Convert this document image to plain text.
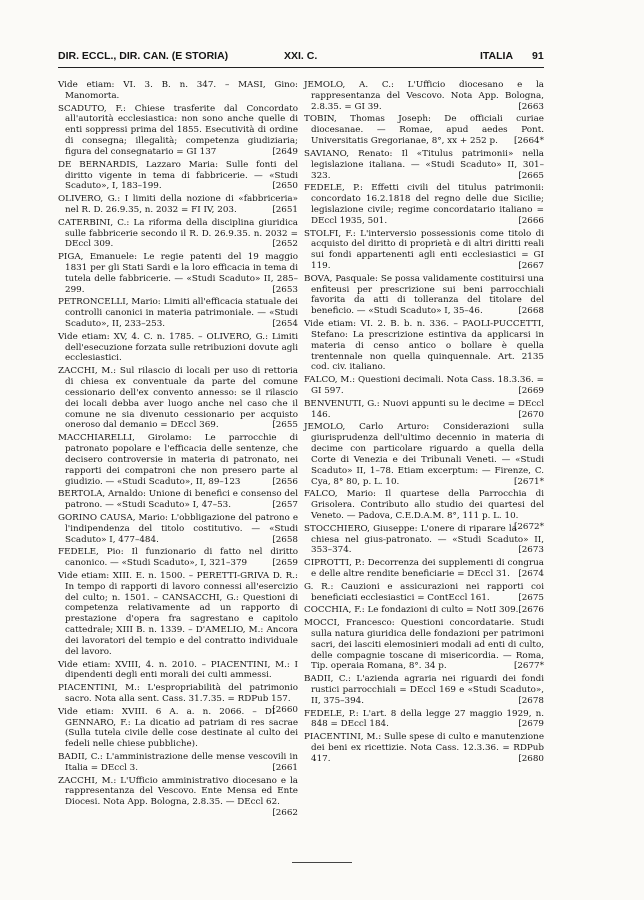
DIR. ECCL., DIR. CAN. (E STORIA)	XXI. C.	ITALIA 91

Vide etiam: VI. 3. B. n. 347. – MASI, Gino: Manomorta.

SCADUTO, F.: Chiese trasferite dal Concordato all'autorità ecclesiastica: non sono anche quelle di enti soppressi prima del 1855. Esecutività di ordine di consegna; illegalità; competenza giudiziaria; figura del consegnatario = GI 137	[2649

DE BERNARDIS, Lazzaro Maria: Sulle fonti del diritto vigente in tema di fabbricerie. — «Studi Scaduto», I, 183–199.	[2650

OLIVERO, G.: I limiti della nozione di «fabbriceria» nel R. D. 26.9.35, n. 2032 = FI IV, 203.	[2651

CATERBINI, C.: La riforma della disciplina giuridica sulle fabbricerie secondo il R. D. 26.9.35. n. 2032 = DEccl 309.	[2652

PIGA, Emanuele: Le regie patenti del 19 maggio 1831 per gli Stati Sardi e la loro efficacia in tema di tutela delle fabbricerie. — «Studi Scaduto» II, 285–299.	[2653

PETRONCELLI, Mario: Limiti all'efficacia statuale dei controlli canonici in materia patrimoniale. — «Studi Scaduto», II, 233–253.	[2654

Vide etiam: XV, 4. C. n. 1785. – OLIVERO, G.: Limiti dell'esecuzione forzata sulle retribuzioni dovute agli ecclesiastici.

ZACCHI, M.: Sul rilascio di locali per uso di rettoria di chiesa ex conventuale da parte del comune cessionario dell'ex convento annesso: se il rilascio dei locali debba aver luogo anche nel caso che il comune ne sia divenuto cessionario per acquisto oneroso dal demanio = DEccl 369.	[2655

MACCHIARELLI, Girolamo: Le parrocchie di patronato popolare e l'efficacia delle sentenze, che decisero controversie in materia di patronato, nei rapporti dei compatroni che non presero parte al giudizio. — «Studi Scaduto», II, 89–123	[2656

BERTOLA, Arnaldo: Unione di benefici e consenso del patrono. — «Studi Scaduto» I, 47–53.	[2657

GORINO CAUSA, Mario: L'obbligazione del patrono e l'indipendenza del titolo costitutivo. — «Studi Scaduto» I, 477–484.	[2658

FEDELE, Pio: Il funzionario di fatto nel diritto canonico. — «Studi Scaduto», I, 321–379	[2659

Vide etiam: XIII. E. n. 1500. – PERETTI-GRIVA D. R.: In tempo di rapporti di lavoro connessi all'esercizio del culto; n. 1501. – CANSACCHI, G.: Questioni di competenza relativamente ad un rapporto di prestazione d'opera fra sagrestano e capitolo cattedrale; XIII B. n. 1339. – D'AMELIO, M.: Ancora dei lavoratori del tempio e del contratto individuale del lavoro.

Vide etiam: XVIII, 4. n. 2010. – PIACENTINI, M.: I dipendenti degli enti morali dei culti ammessi.

PIACENTINI, M.: L'espropriabilità del patrimonio sacro. Nota alla sent. Cass. 31.7.35. = RDPub 157.
[2660

Vide etiam: XVIII. 6 A. a. n. 2066. – DI GENNARO, F.: La dicatio ad patriam di res sacrae (Sulla tutela civile delle cose destinate al culto dei fedeli nelle chiese pubbliche).

BADII, C.: L'amministrazione delle mense vescovili in Italia = DEccl 3.	[2661

ZACCHI, M.: L'Ufficio amministrativo diocesano e la rappresentanza del Vescovo. Ente Mensa ed Ente Diocesi. Nota App. Bologna, 2.8.35. — DEccl 62.
[2662

JEMOLO, A. C.: L'Ufficio diocesano e la rappresentanza del Vescovo. Nota App. Bologna, 2.8.35. = GI 39.	[2663

TOBIN, Thomas Joseph: De officiali curiae diocesanae. — Romae, apud aedes Pont. Universitatis Gregorianae, 8°, xx + 252 p. [2664*

SAVIANO, Renato: Il «Titulus patrimonii» nella legislazione italiana. — «Studi Scaduto» II, 301–323.	[2665

FEDELE, P.: Effetti civili del titulus patrimonii: concordato 16.2.1818 del regno delle due Sicilie; legislazione civile; regime concordatario italiano = DEccl 1935, 501.	[2666

STOLFI, F.: L'interversio possessionis come titolo di acquisto del diritto di proprietà e di altri diritti reali sui fondi appartenenti agli enti ecclesiastici = GI 119.	[2667

BOVA, Pasquale: Se possa validamente costituirsi una enfiteusi per prescrizione sui beni parrocchiali favorita da atti di tolleranza del titolare del beneficio. — «Studi Scaduto» I, 35–46.	[2668

Vide etiam: VI. 2. B. b. n. 336. – PAOLI-PUCCETTI, Stefano: La prescrizione estintiva da applicarsi in materia di censo antico o bollare è quella trentennale non quella quinquennale. Art. 2135 cod. civ. italiano.

FALCO, M.: Questioni decimali. Nota Cass. 18.3.36. = GI 597.	[2669

BENVENUTI, G.: Nuovi appunti su le decime = DEccl 146.	[2670

JEMOLO, Carlo Arturo: Considerazioni sulla giurisprudenza dell'ultimo decennio in materia di decime con particolare riguardo a quella della Corte di Venezia e dei Tribunali Veneti. — «Studi Scaduto» II, 1–78. Etiam excerptum: — Firenze, C. Cya, 8° 80, p. L. 10.	[2671*

FALCO, Mario: Il quartese della Parrocchia di Grisolera. Contributo allo studio dei quartesi del Veneto. — Padova, C.E.D.A.M. 8°, 111 p. L. 10.
[2672*

STOCCHIERO, Giuseppe: L'onere di riparare la chiesa nel gius-patronato. — «Studi Scaduto» II, 353–374.	[2673

CIPROTTI, P.: Decorrenza dei supplementi di congrua e delle altre rendite beneficiarie = DEccl 31. [2674

G. R.: Cauzioni e assicurazioni nei rapporti coi beneficiati ecclesiastici = ContEccl 161.	[2675

COCCHIA, F.: Le fondazioni di culto = NotI 309. [2676

MOCCI, Francesco: Questioni concordatarie. Studi sulla natura giuridica delle fondazioni per patrimoni sacri, dei lasciti elemosinieri modali ad enti di culto, delle compagnie toscane di misericordia. — Roma, Tip. operaia Romana, 8°. 34 p.	[2677*

BADII, C.: L'azienda agraria nei riguardi dei fondi rustici parrocchiali = DEccl 169 e «Studi Scaduto», II, 375–394.	[2678

FEDELE, P.: L'art. 8 della legge 27 maggio 1929, n. 848 = DEccl 184.	[2679

PIACENTINI, M.: Sulle spese di culto e manutenzione dei beni ex ricettizie. Nota Cass. 12.3.36. = RDPub 417.	[2680
